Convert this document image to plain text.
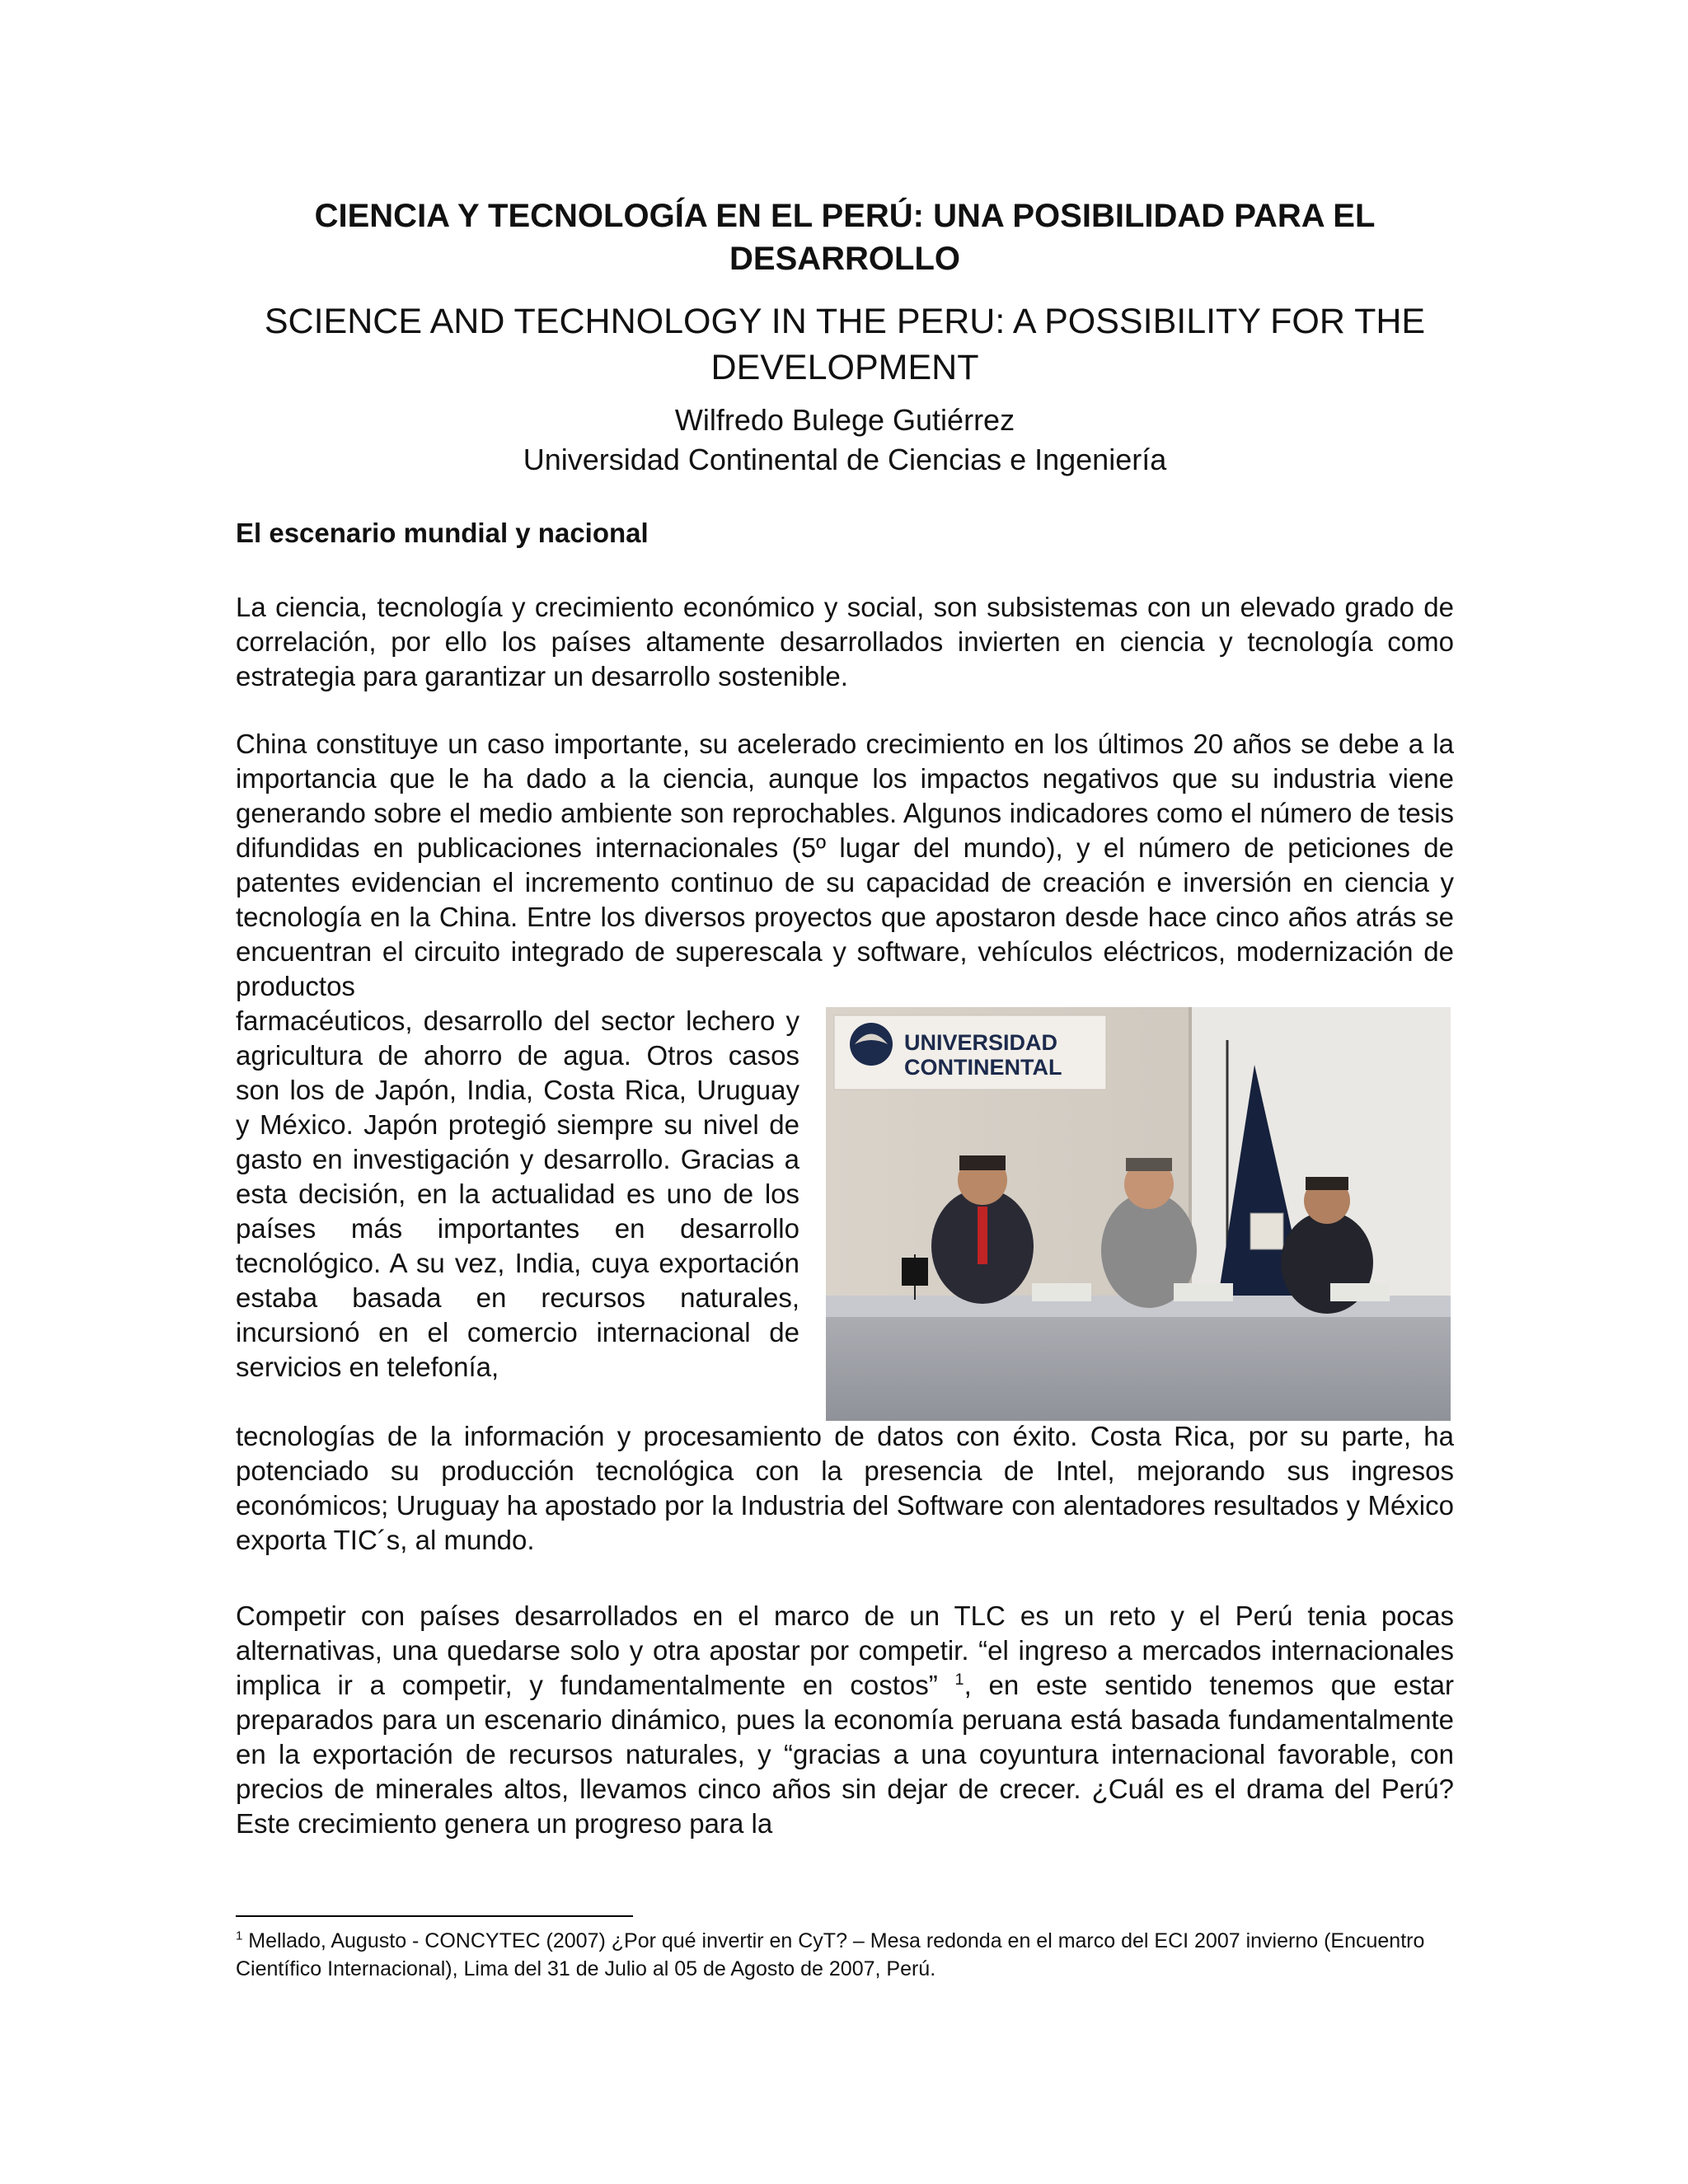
CIENCIA Y TECNOLOGÍA EN EL PERÚ: UNA POSIBILIDAD PARA EL DESARROLLO
SCIENCE AND TECHNOLOGY IN THE PERU: A POSSIBILITY FOR THE DEVELOPMENT
Wilfredo Bulege Gutiérrez
Universidad Continental de Ciencias e Ingeniería
El escenario mundial y nacional

La ciencia, tecnología y crecimiento económico y social, son subsistemas con un elevado grado de correlación, por ello los países altamente desarrollados invierten en ciencia y tecnología como estrategia para garantizar un desarrollo sostenible.

China constituye un caso importante, su acelerado crecimiento en los últimos 20 años se debe a la importancia que le ha dado a la ciencia, aunque los impactos negativos que su industria viene generando sobre el medio ambiente son reprochables. Algunos indicadores como el número de tesis difundidas en publicaciones internacionales (5º lugar del mundo), y el número de peticiones de patentes evidencian el incremento continuo de su capacidad de creación e inversión en ciencia y tecnología en la China. Entre los diversos proyectos que apostaron desde hace cinco años atrás se encuentran el circuito integrado de superescala y software, vehículos eléctricos, modernización de productos

farmacéuticos, desarrollo del sector lechero y agricultura de ahorro de agua. Otros casos son los de Japón, India, Costa Rica, Uruguay y México. Japón protegió siempre su nivel de gasto en investigación y desarrollo. Gracias a esta decisión, en la actualidad es uno de los países más importantes en desarrollo tecnológico. A su vez, India, cuya exportación estaba basada en recursos naturales, incursionó en el comercio internacional de servicios en telefonía,

UNIVERSIDAD
CONTINENTAL

tecnologías de la información y procesamiento de datos con éxito. Costa Rica, por su parte, ha potenciado su producción tecnológica con la presencia de Intel, mejorando sus ingresos económicos; Uruguay ha apostado por la Industria del Software con alentadores resultados y México exporta TIC´s, al mundo.

Competir con países desarrollados en el marco de un TLC es un reto y el Perú tenia pocas alternativas, una quedarse solo y otra apostar por competir. “el ingreso a mercados internacionales implica ir a competir, y fundamentalmente en costos” $^1$, en este sentido tenemos que estar preparados para un escenario dinámico, pues la economía peruana está basada fundamentalmente en la exportación de recursos naturales, y “gracias a una coyuntura internacional favorable, con precios de minerales altos, llevamos cinco años sin dejar de crecer. ¿Cuál es el drama del Perú? Este crecimiento genera un progreso para la

$^1$ Mellado, Augusto - CONCYTEC (2007) ¿Por qué invertir en CyT? – Mesa redonda en el marco del ECI 2007 invierno (Encuentro Científico Internacional), Lima del 31 de Julio al 05 de Agosto de 2007, Perú.
